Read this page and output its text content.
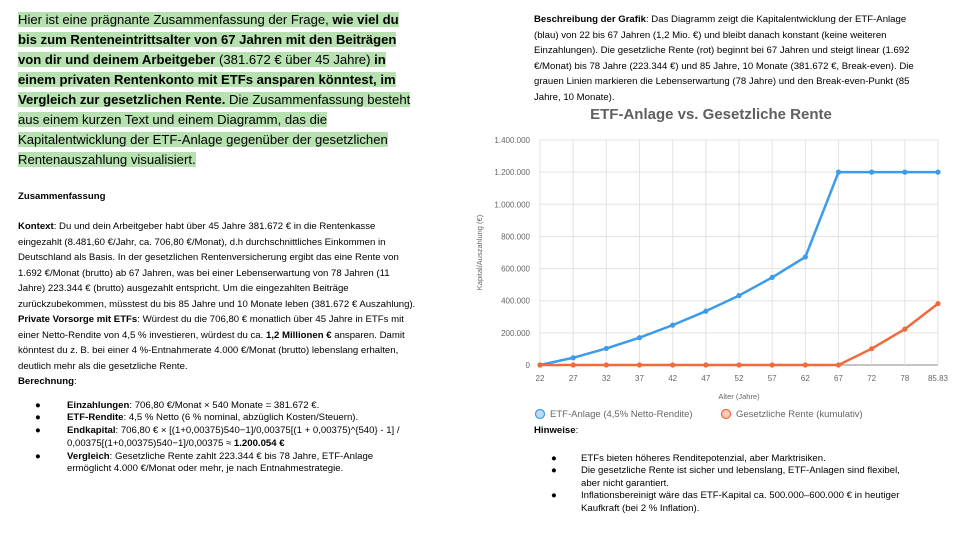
Hier ist eine prägnante Zusammenfassung der Frage, wie viel du bis zum Renteneintrittsalter von 67 Jahren mit den Beiträgen von dir und deinem Arbeitgeber (381.672 € über 45 Jahre) in einem privaten Rentenkonto mit ETFs ansparen könntest, im Vergleich zur gesetzlichen Rente. Die Zusammenfassung besteht aus einem kurzen Text und einem Diagramm, das die Kapitalentwicklung der ETF-Anlage gegenüber der gesetzlichen Rentenauszahlung visualisiert.

Zusammenfassung

Kontext: Du und dein Arbeitgeber habt über 45 Jahre 381.672 € in die Rentenkasse eingezahlt (8.481,60 €/Jahr, ca. 706,80 €/Monat), d.h durchschnittliches Einkommen in Deutschland als Basis. In der gesetzlichen Rentenversicherung ergibt das eine Rente von 1.692 €/Monat (brutto) ab 67 Jahren, was bei einer Lebenserwartung von 78 Jahren (11 Jahre) 223.344 € (brutto) ausgezahlt entspricht. Um die eingezahlten Beiträge zurückzubekommen, müsstest du bis 85 Jahre und 10 Monate leben (381.672 € Auszahlung).

Private Vorsorge mit ETFs: Würdest du die 706,80 € monatlich über 45 Jahre in ETFs mit einer Netto-Rendite von 4,5 % investieren, würdest du ca. 1,2 Millionen € ansparen. Damit könntest du z. B. bei einer 4 %-Entnahmerate 4.000 €/Monat (brutto) lebenslang erhalten, deutlich mehr als die gesetzliche Rente.

Berechnung:

●	Einzahlungen: 706,80 €/Monat × 540 Monate = 381.672 €.
●	ETF-Rendite: 4,5 % Netto (6 % nominal, abzüglich Kosten/Steuern).
●	Endkapital: 706,80 € × [(1+0,00375)540−1]/0,00375[(1 + 0,00375)^{540} - 1] / 0,00375[(1+0,00375)540−1]/0,00375 ≈ 1.200.054 €
●	Vergleich: Gesetzliche Rente zahlt 223.344 € bis 78 Jahre, ETF-Anlage ermöglicht 4.000 €/Monat oder mehr, je nach Entnahmestrategie.

Beschreibung der Grafik: Das Diagramm zeigt die Kapitalentwicklung der ETF-Anlage (blau) von 22 bis 67 Jahren (1,2 Mio. €) und bleibt danach konstant (keine weiteren Einzahlungen). Die gesetzliche Rente (rot) beginnt bei 67 Jahren und steigt linear (1.692 €/Monat) bis 78 Jahre (223.344 €) und 85 Jahre, 10 Monate (381.672 €, Break-even). Die grauen Linien markieren die Lebenserwartung (78 Jahre) und den Break-even-Punkt (85 Jahre, 10 Monate).

ETF-Anlage vs. Gesetzliche Rente
0
200.000
400.000
600.000
800.000
1.000.000
1.200.000
1.400.000
22	27	32	37	42	47	52	57	62	67	72	78 85.83
Alter (Jahre)
Kapital/Auszahlung (€)
ETF-Anlage (4,5% Netto-Rendite)	Gesetzliche Rente (kumulativ)
Hinweise:
●	ETFs bieten höheres Renditepotenzial, aber Marktrisiken.
●	Die gesetzliche Rente ist sicher und lebenslang, ETF-Anlagen sind flexibel, aber nicht garantiert.
●	Inflationsbereinigt wäre das ETF-Kapital ca. 500.000–600.000 € in heutiger Kaufkraft (bei 2 % Inflation).
